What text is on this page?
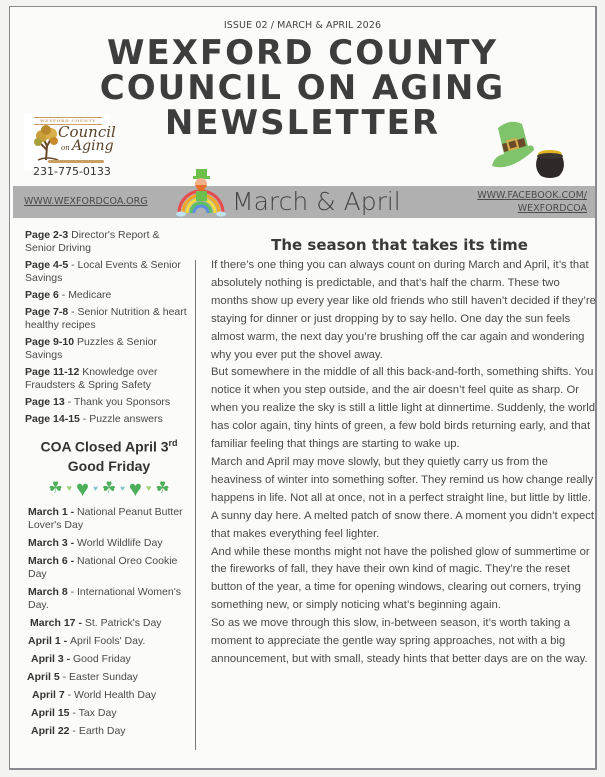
ISSUE 02 / MARCH & APRIL 2026
WEXFORD COUNTY
COUNCIL ON AGING
NEWSLETTER
WEXFORD COUNTY
Council
on Aging
231-775-0133
WWW.WEXFORDCOA.ORG	March & April	WWW.FACEBOOK.COM/
WEXFORDCOA
Page 2-3 Director's Report & Senior Driving
Page 4-5 - Local Events & Senior Savings
Page 6 - Medicare
Page 7-8 - Senior Nutrition & heart healthy recipes
Page 9-10 Puzzles & Senior Savings
Page 11-12 Knowledge over Fraudsters & Spring Safety
Page 13 - Thank you Sponsors
Page 14-15 - Puzzle answers
COA Closed April 3rd
Good Friday
☘ ♥ ♥ ♥ ☘ ♥ ♥ ♥ ☘
March 1 - National Peanut Butter Lover's Day
March 3 - World Wildlife Day
March 6 - National Oreo Cookie Day
March 8 - International Women's Day.
March 17 - St. Patrick's Day
April 1 - April Fools' Day.
April 3 - Good Friday
April 5 - Easter Sunday
April 7 - World Health Day
April 15 - Tax Day
April 22 - Earth Day
The season that takes its time

If there’s one thing you can always count on during March and April, it’s that absolutely nothing is predictable, and that’s half the charm. These two months show up every year like old friends who still haven’t decided if they’re staying for dinner or just dropping by to say hello. One day the sun feels almost warm, the next day you’re brushing off the car again and wondering why you ever put the shovel away.

But somewhere in the middle of all this back-and-forth, something shifts. You notice it when you step outside, and the air doesn’t feel quite as sharp. Or when you realize the sky is still a little light at dinnertime. Suddenly, the world has color again, tiny hints of green, a few bold birds returning early, and that familiar feeling that things are starting to wake up.

March and April may move slowly, but they quietly carry us from the heaviness of winter into something softer. They remind us how change really happens in life. Not all at once, not in a perfect straight line, but little by little. A sunny day here. A melted patch of snow there. A moment you didn’t expect that makes everything feel lighter.

And while these months might not have the polished glow of summertime or the fireworks of fall, they have their own kind of magic. They’re the reset button of the year, a time for opening windows, clearing out corners, trying something new, or simply noticing what’s beginning again.

So as we move through this slow, in-between season, it’s worth taking a moment to appreciate the gentle way spring approaches, not with a big announcement, but with small, steady hints that better days are on the way.
